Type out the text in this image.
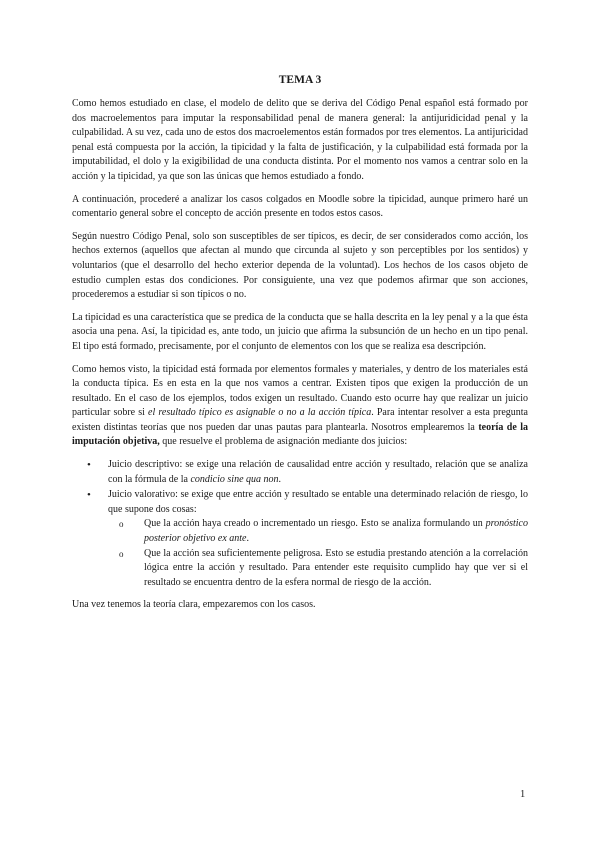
TEMA 3

Como hemos estudiado en clase, el modelo de delito que se deriva del Código Penal español está formado por dos macroelementos para imputar la responsabilidad penal de manera general: la antijuridicidad penal y la culpabilidad. A su vez, cada uno de estos dos macroelementos están formados por tres elementos. La antijuricidad penal está compuesta por la acción, la tipicidad y la falta de justificación, y la culpabilidad está formada por la imputabilidad, el dolo y la exigibilidad de una conducta distinta. Por el momento nos vamos a centrar solo en la acción y la tipicidad, ya que son las únicas que hemos estudiado a fondo.

A continuación, procederé a analizar los casos colgados en Moodle sobre la tipicidad, aunque primero haré un comentario general sobre el concepto de acción presente en todos estos casos.

Según nuestro Código Penal, solo son susceptibles de ser típicos, es decir, de ser considerados como acción, los hechos externos (aquellos que afectan al mundo que circunda al sujeto y son perceptibles por los sentidos) y voluntarios (que el desarrollo del hecho exterior dependa de la voluntad). Los hechos de los casos objeto de estudio cumplen estas dos condiciones. Por consiguiente, una vez que podemos afirmar que son acciones, procederemos a estudiar si son típicos o no.

La tipicidad es una característica que se predica de la conducta que se halla descrita en la ley penal y a la que ésta asocia una pena. Así, la tipicidad es, ante todo, un juicio que afirma la subsunción de un hecho en un tipo penal. El tipo está formado, precisamente, por el conjunto de elementos con los que se realiza esa descripción.

Como hemos visto, la tipicidad está formada por elementos formales y materiales, y dentro de los materiales está la conducta típica. Es en esta en la que nos vamos a centrar. Existen tipos que exigen la producción de un resultado. En el caso de los ejemplos, todos exigen un resultado. Cuando esto ocurre hay que realizar un juicio particular sobre si el resultado típico es asignable o no a la acción típica. Para intentar resolver a esta pregunta existen distintas teorías que nos pueden dar unas pautas para plantearla. Nosotros emplearemos la teoría de la imputación objetiva, que resuelve el problema de asignación mediante dos juicios:

• Juicio descriptivo: se exige una relación de causalidad entre acción y resultado, relación que se analiza con la fórmula de la condicio sine qua non.
• Juicio valorativo: se exige que entre acción y resultado se entable una determinado relación de riesgo, lo que supone dos cosas:
o Que la acción haya creado o incrementado un riesgo. Esto se analiza formulando un pronóstico posterior objetivo ex ante.
o Que la acción sea suficientemente peligrosa. Esto se estudia prestando atención a la correlación lógica entre la acción y resultado. Para entender este requisito cumplido hay que ver si el resultado se encuentra dentro de la esfera normal de riesgo de la acción.

Una vez tenemos la teoría clara, empezaremos con los casos.

1
